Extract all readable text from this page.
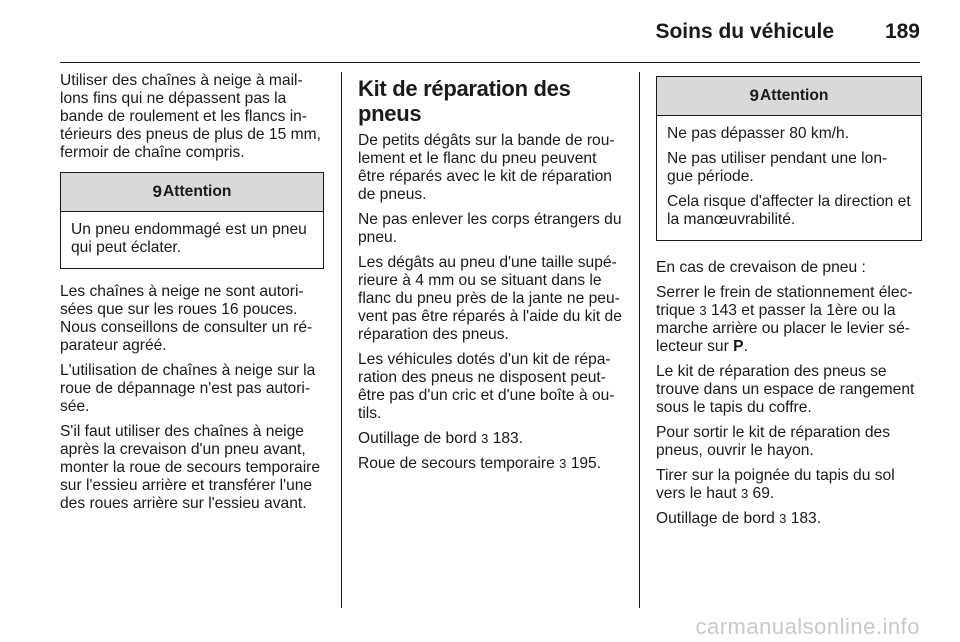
Soins du véhicule 189

Utiliser des chaînes à neige à mail-lons fins qui ne dépassent pas la bande de roulement et les flancs in-térieurs des pneus de plus de 15 mm, fermoir de chaîne compris.

9 Attention

Un pneu endommagé est un pneu qui peut éclater.

Les chaînes à neige ne sont autori-sées que sur les roues 16 pouces. Nous conseillons de consulter un ré-parateur agréé.

L'utilisation de chaînes à neige sur la roue de dépannage n'est pas autori-sée.

S'il faut utiliser des chaînes à neige après la crevaison d'un pneu avant, monter la roue de secours temporaire sur l'essieu arrière et transférer l'une des roues arrière sur l'essieu avant.

Kit de réparation des pneus

De petits dégâts sur la bande de rou-lement et le flanc du pneu peuvent être réparés avec le kit de réparation de pneus.

Ne pas enlever les corps étrangers du pneu.

Les dégâts au pneu d'une taille supé-rieure à 4 mm ou se situant dans le flanc du pneu près de la jante ne peu-vent pas être réparés à l'aide du kit de réparation des pneus.

Les véhicules dotés d'un kit de répa-ration des pneus ne disposent peut-être pas d'un cric et d'une boîte à ou-tils.

Outillage de bord 3 183.

Roue de secours temporaire 3 195.

9 Attention

Ne pas dépasser 80 km/h.

Ne pas utiliser pendant une lon-gue période.

Cela risque d'affecter la direction et la manœuvrabilité.

En cas de crevaison de pneu :

Serrer le frein de stationnement élec-trique 3 143 et passer la 1ère ou la marche arrière ou placer le levier sé-lecteur sur P.

Le kit de réparation des pneus se trouve dans un espace de rangement sous le tapis du coffre.

Pour sortir le kit de réparation des pneus, ouvrir le hayon.

Tirer sur la poignée du tapis du sol vers le haut 3 69.

Outillage de bord 3 183.

carmanualsonline.info
